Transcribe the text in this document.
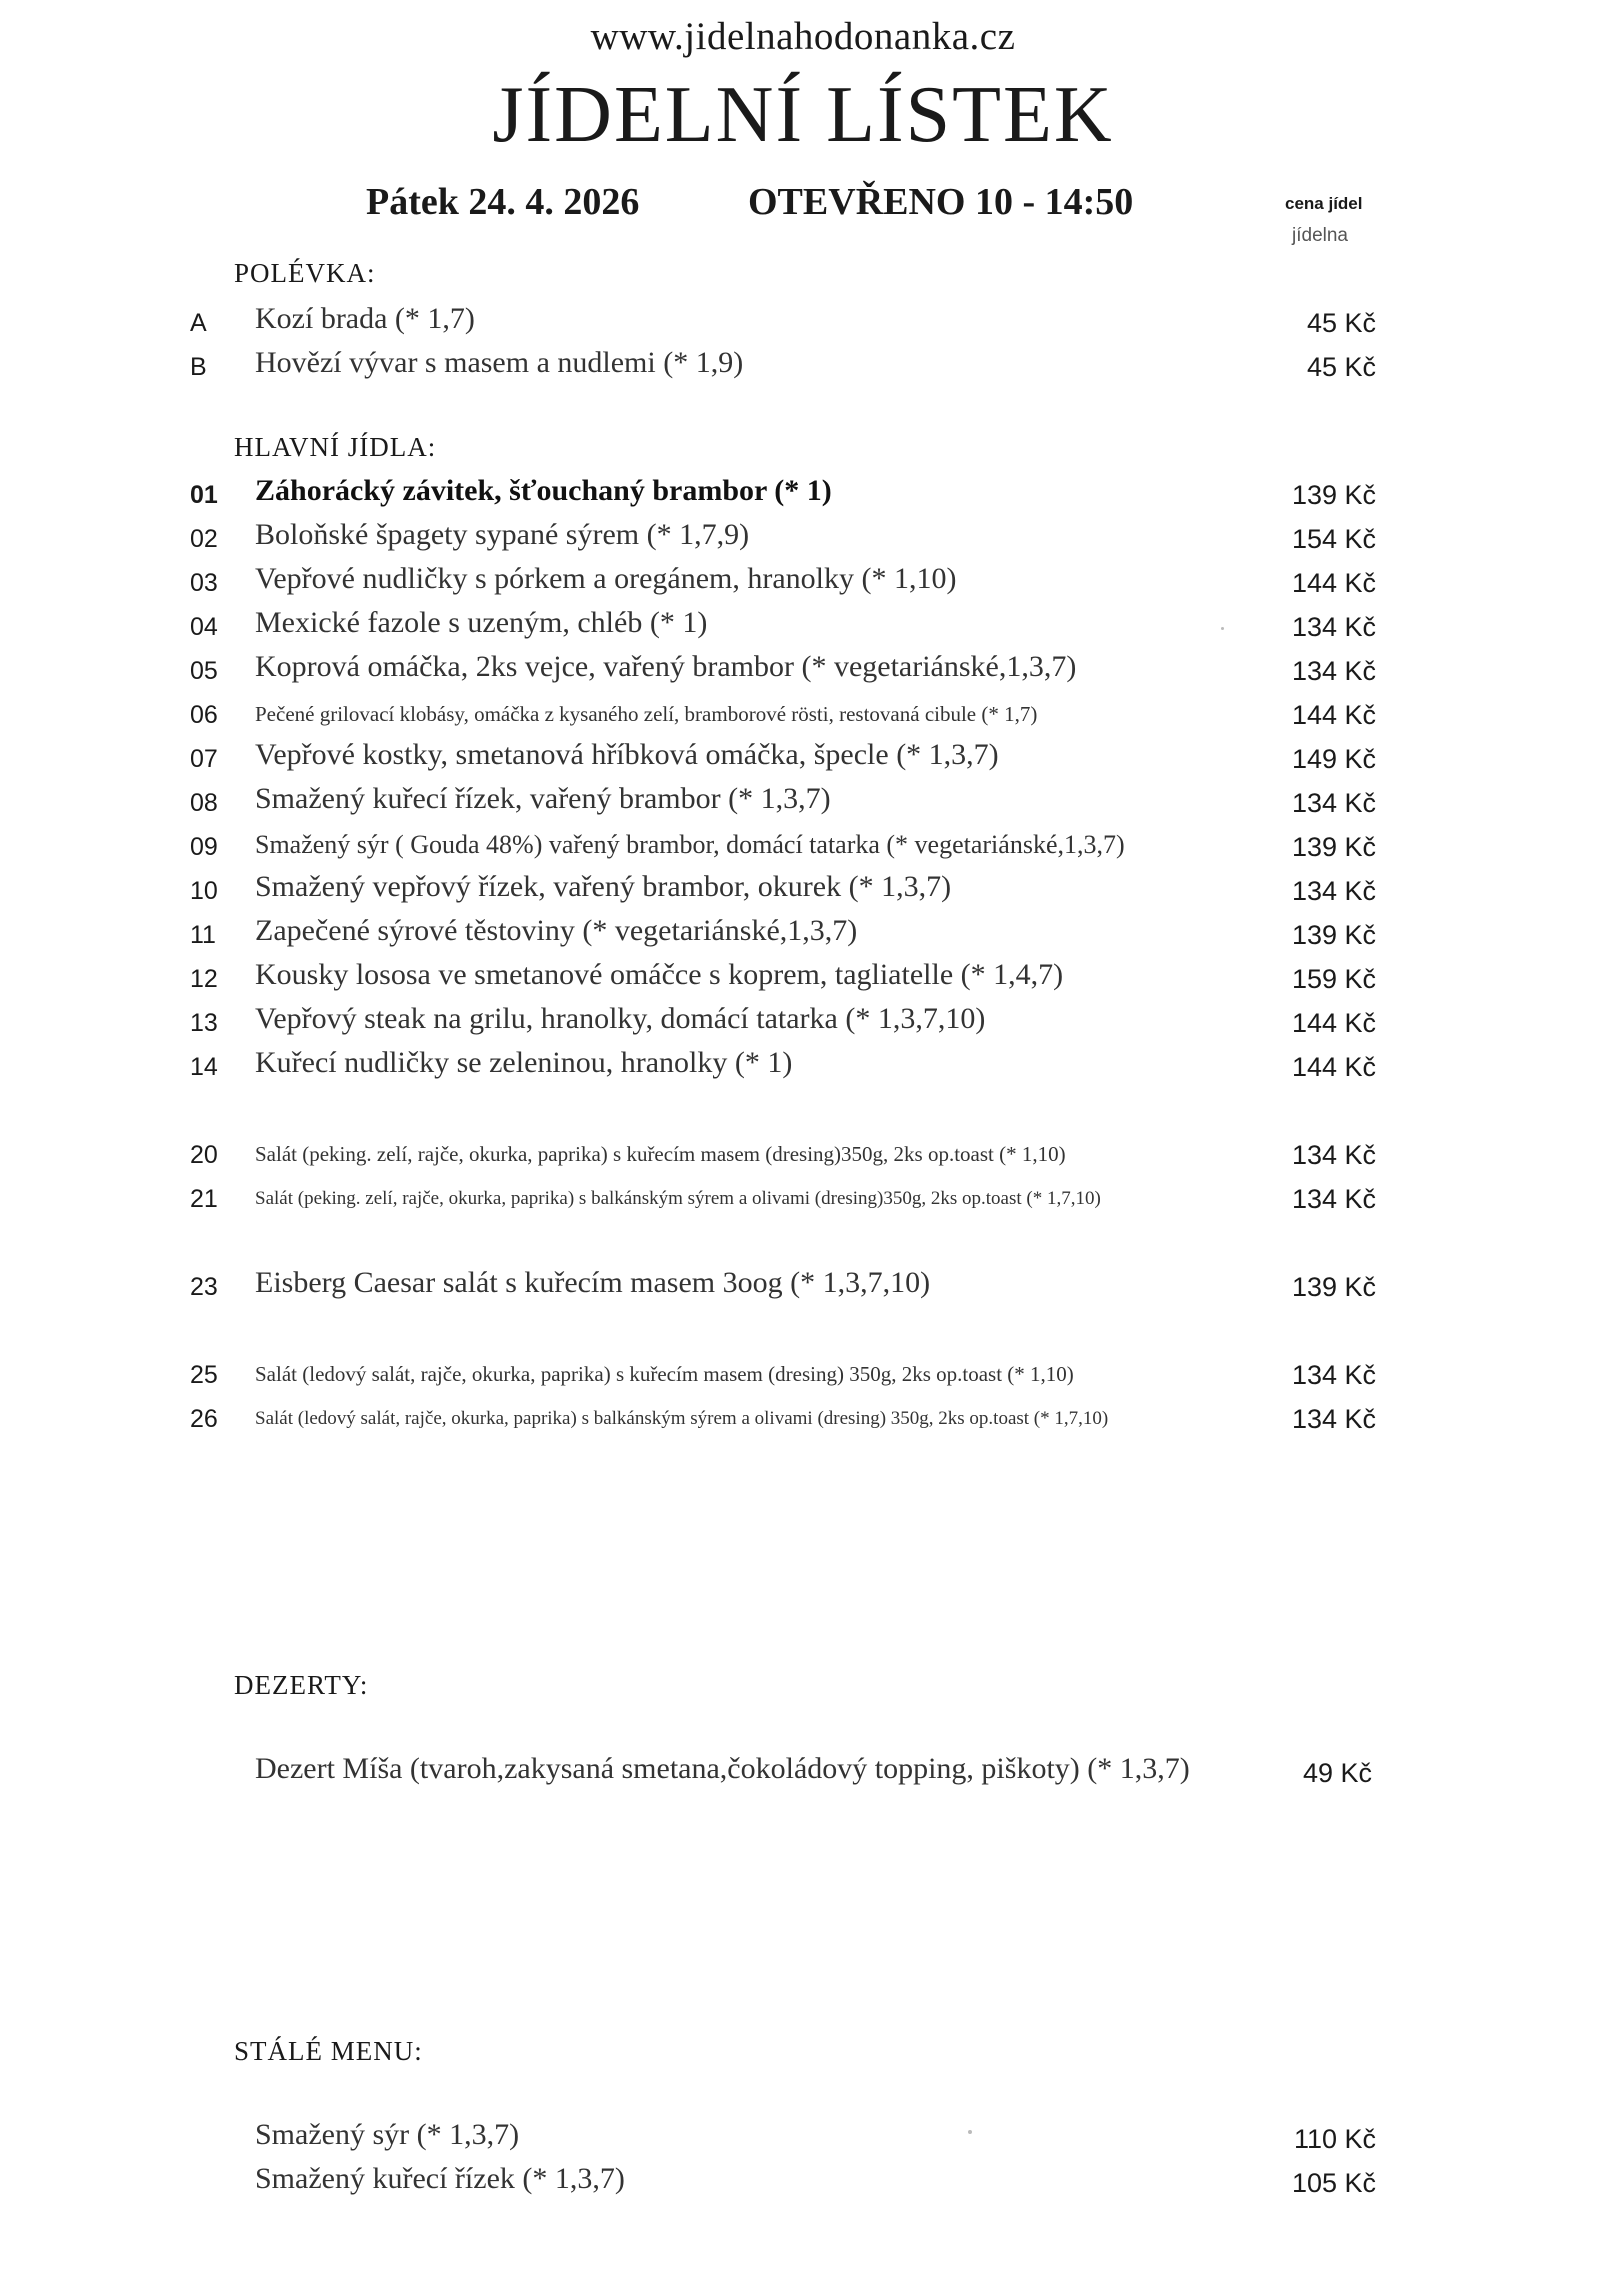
www.jidelnahodonanka.cz
JÍDELNÍ LÍSTEK
Pátek 24. 4. 2026	OTEVŘENO 10 - 14:50	cena jídel
jídelna
POLÉVKA:
A	Kozí brada (* 1,7)	45 Kč
B	Hovězí vývar s masem a nudlemi (* 1,9)	45 Kč
HLAVNÍ JÍDLA:
01	Záhorácký závitek, šťouchaný brambor (* 1)	139 Kč
02	Boloňské špagety sypané sýrem (* 1,7,9)	154 Kč
03	Vepřové nudličky s pórkem a oregánem, hranolky (* 1,10)	144 Kč
04	Mexické fazole s uzeným, chléb (* 1)	134 Kč
05	Koprová omáčka, 2ks vejce, vařený brambor (* vegetariánské,1,3,7)	134 Kč
06	Pečené grilovací klobásy, omáčka z kysaného zelí, bramborové rösti, restovaná cibule (* 1,7)	144 Kč
07	Vepřové kostky, smetanová hříbková omáčka, špecle (* 1,3,7)	149 Kč
08	Smažený kuřecí řízek, vařený brambor (* 1,3,7)	134 Kč
09	Smažený sýr ( Gouda 48%) vařený brambor, domácí tatarka (* vegetariánské,1,3,7)	139 Kč
10	Smažený vepřový řízek, vařený brambor, okurek (* 1,3,7)	134 Kč
11	Zapečené sýrové těstoviny (* vegetariánské,1,3,7)	139 Kč
12	Kousky lososa ve smetanové omáčce s koprem, tagliatelle (* 1,4,7)	159 Kč
13	Vepřový steak na grilu, hranolky, domácí tatarka (* 1,3,7,10)	144 Kč
14	Kuřecí nudličky se zeleninou, hranolky (* 1)	144 Kč
20	Salát (peking. zelí, rajče, okurka, paprika) s kuřecím masem (dresing)350g, 2ks op.toast (* 1,10)	134 Kč
21	Salát (peking. zelí, rajče, okurka, paprika) s balkánským sýrem a olivami (dresing)350g, 2ks op.toast (* 1,7,10)	134 Kč
23	Eisberg Caesar salát s kuřecím masem 3oog (* 1,3,7,10)	139 Kč
25	Salát (ledový salát, rajče, okurka, paprika) s kuřecím masem (dresing) 350g, 2ks op.toast (* 1,10)	134 Kč
26	Salát (ledový salát, rajče, okurka, paprika) s balkánským sýrem a olivami (dresing) 350g, 2ks op.toast (* 1,7,10)	134 Kč
DEZERTY:
Dezert Míša (tvaroh,zakysaná smetana,čokoládový topping, piškoty) (* 1,3,7)	49 Kč
STÁLÉ MENU:
Smažený sýr (* 1,3,7)	110 Kč
Smažený kuřecí řízek (* 1,3,7)	105 Kč
